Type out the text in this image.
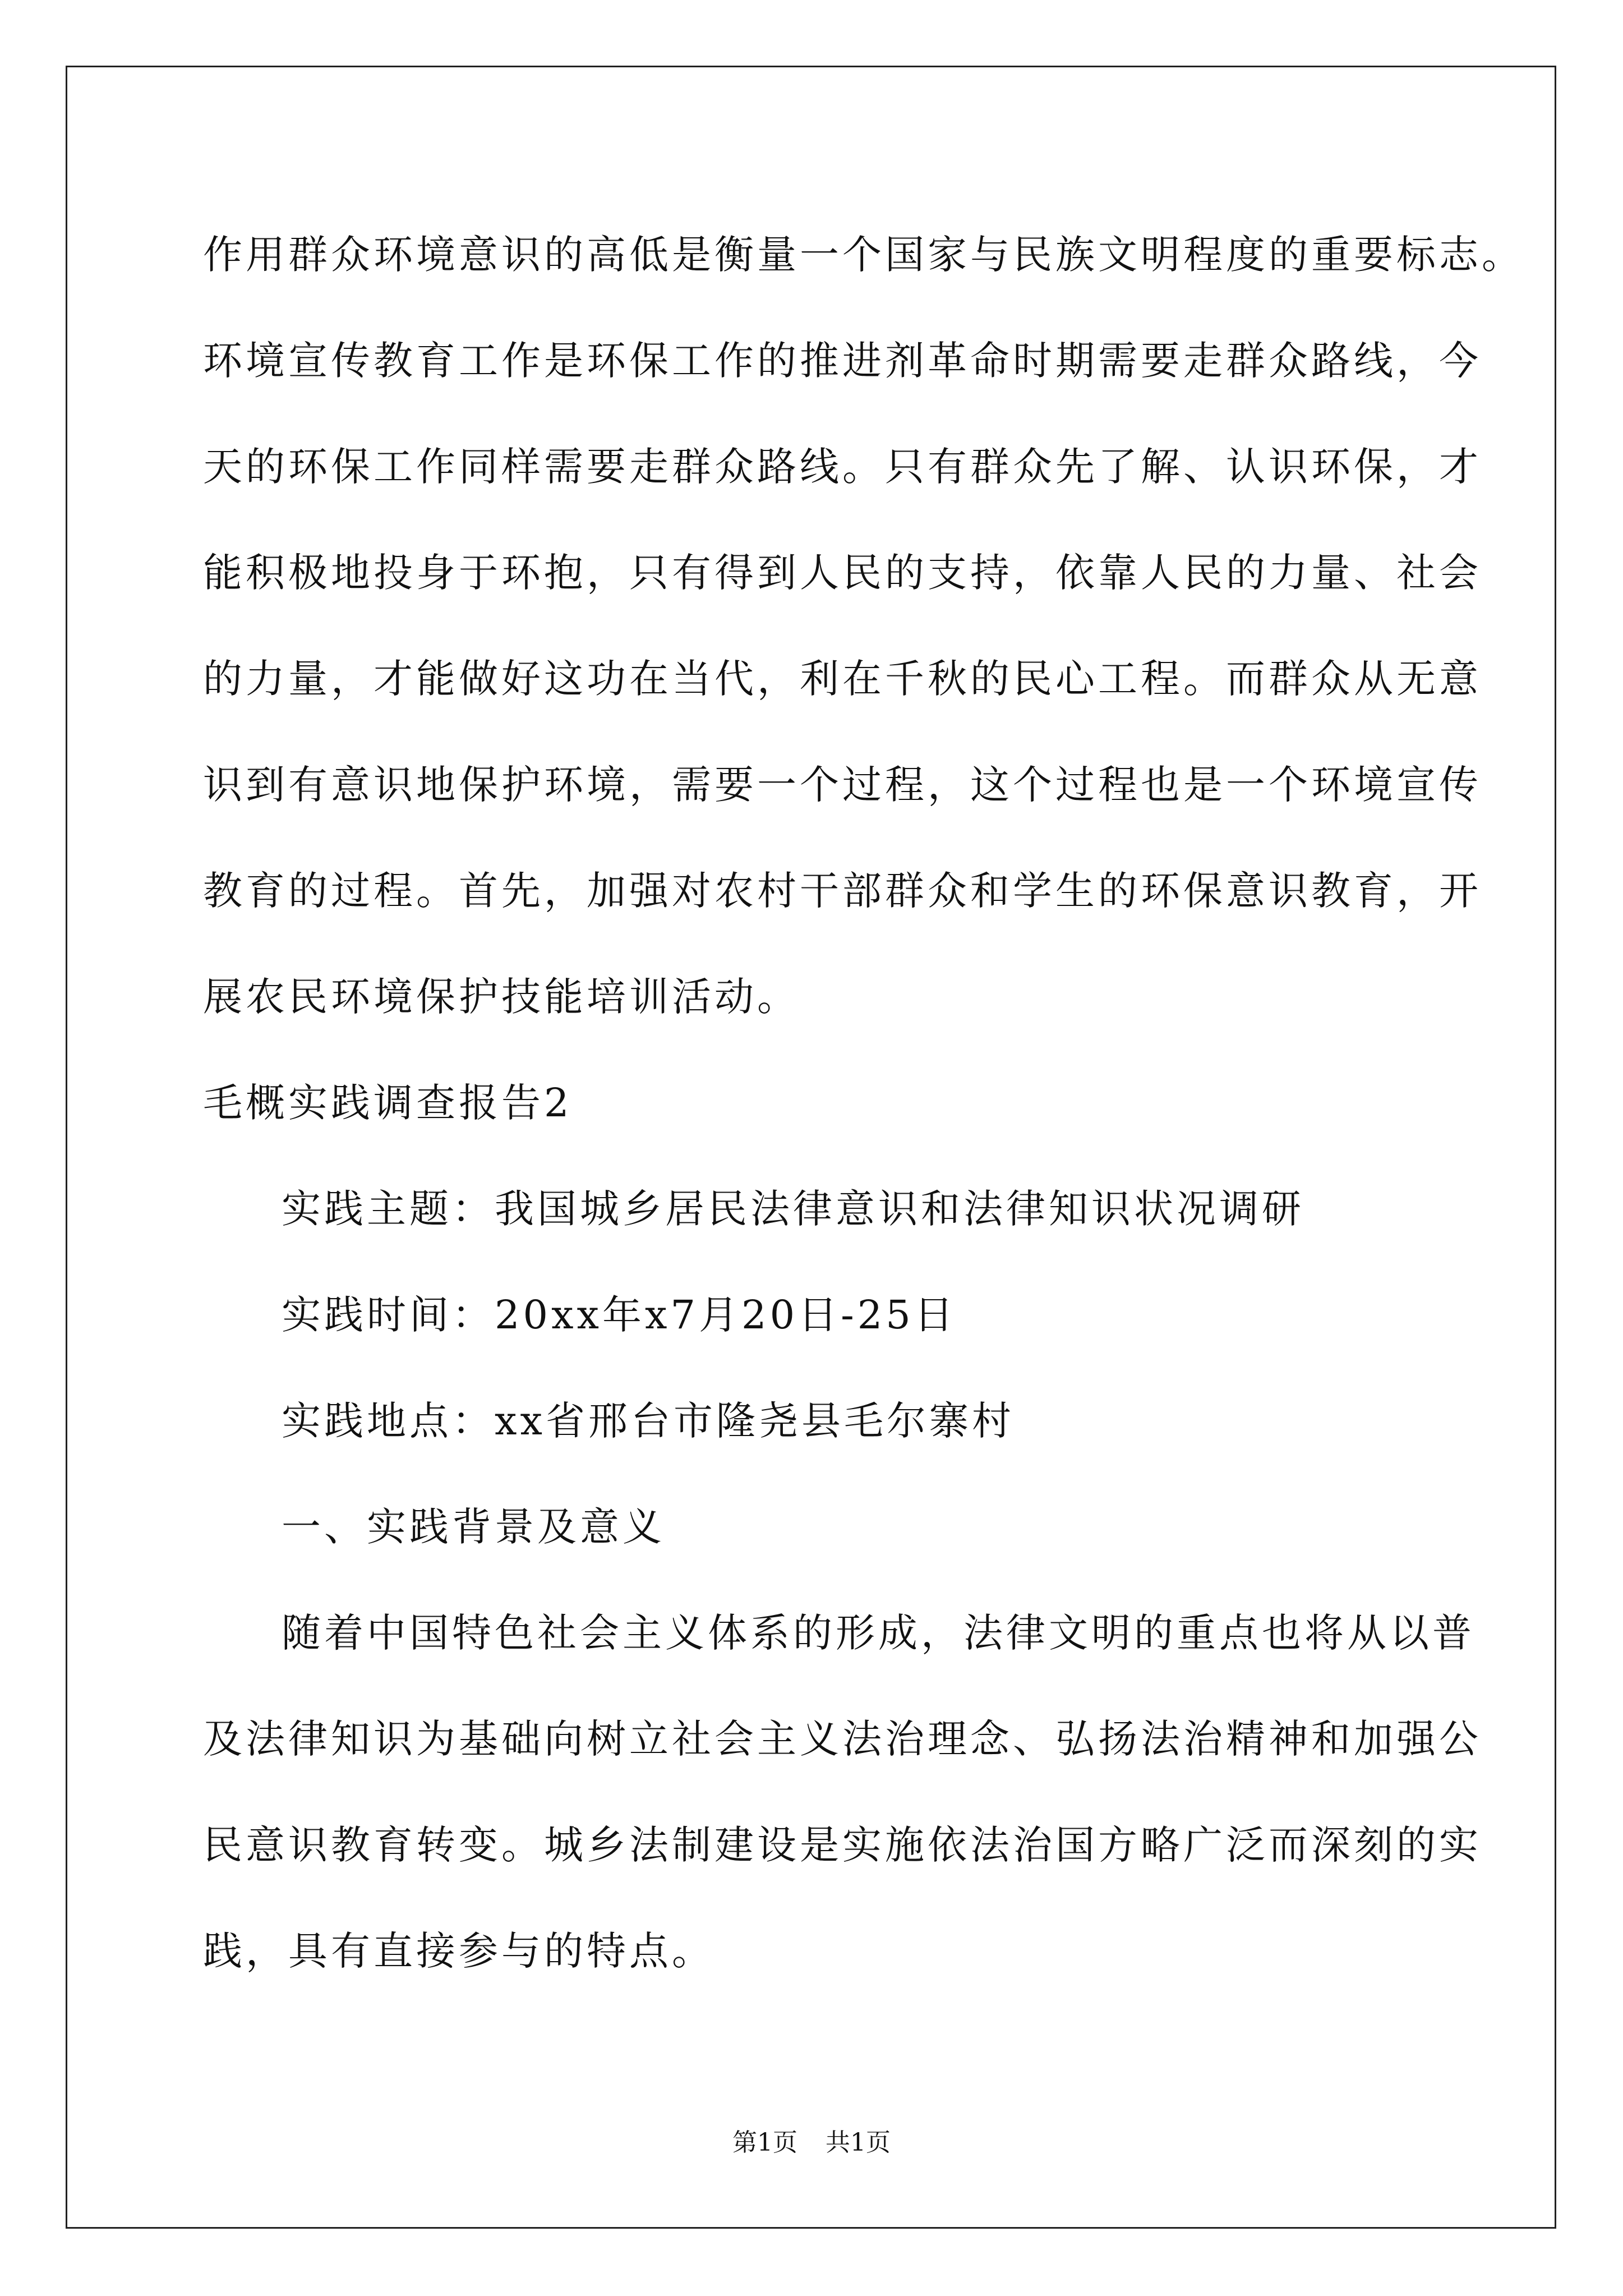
作用群众环境意识的高低是衡量一个国家与民族文明程度的重要标志。
环境宣传教育工作是环保工作的推进剂革命时期需要走群众路线，今
天的环保工作同样需要走群众路线。只有群众先了解、认识环保，才
能积极地投身于环抱，只有得到人民的支持，依靠人民的力量、社会
的力量，才能做好这功在当代，利在千秋的民心工程。而群众从无意
识到有意识地保护环境，需要一个过程，这个过程也是一个环境宣传
教育的过程。首先，加强对农村干部群众和学生的环保意识教育，开
展农民环境保护技能培训活动。
毛概实践调查报告2
实践主题：我国城乡居民法律意识和法律知识状况调研
实践时间：20xx年x7月20日-25日
实践地点：xx省邢台市隆尧县毛尔寨村
一、实践背景及意义
随着中国特色社会主义体系的形成，法律文明的重点也将从以普
及法律知识为基础向树立社会主义法治理念、弘扬法治精神和加强公
民意识教育转变。城乡法制建设是实施依法治国方略广泛而深刻的实
践，具有直接参与的特点。
第1页 共1页
